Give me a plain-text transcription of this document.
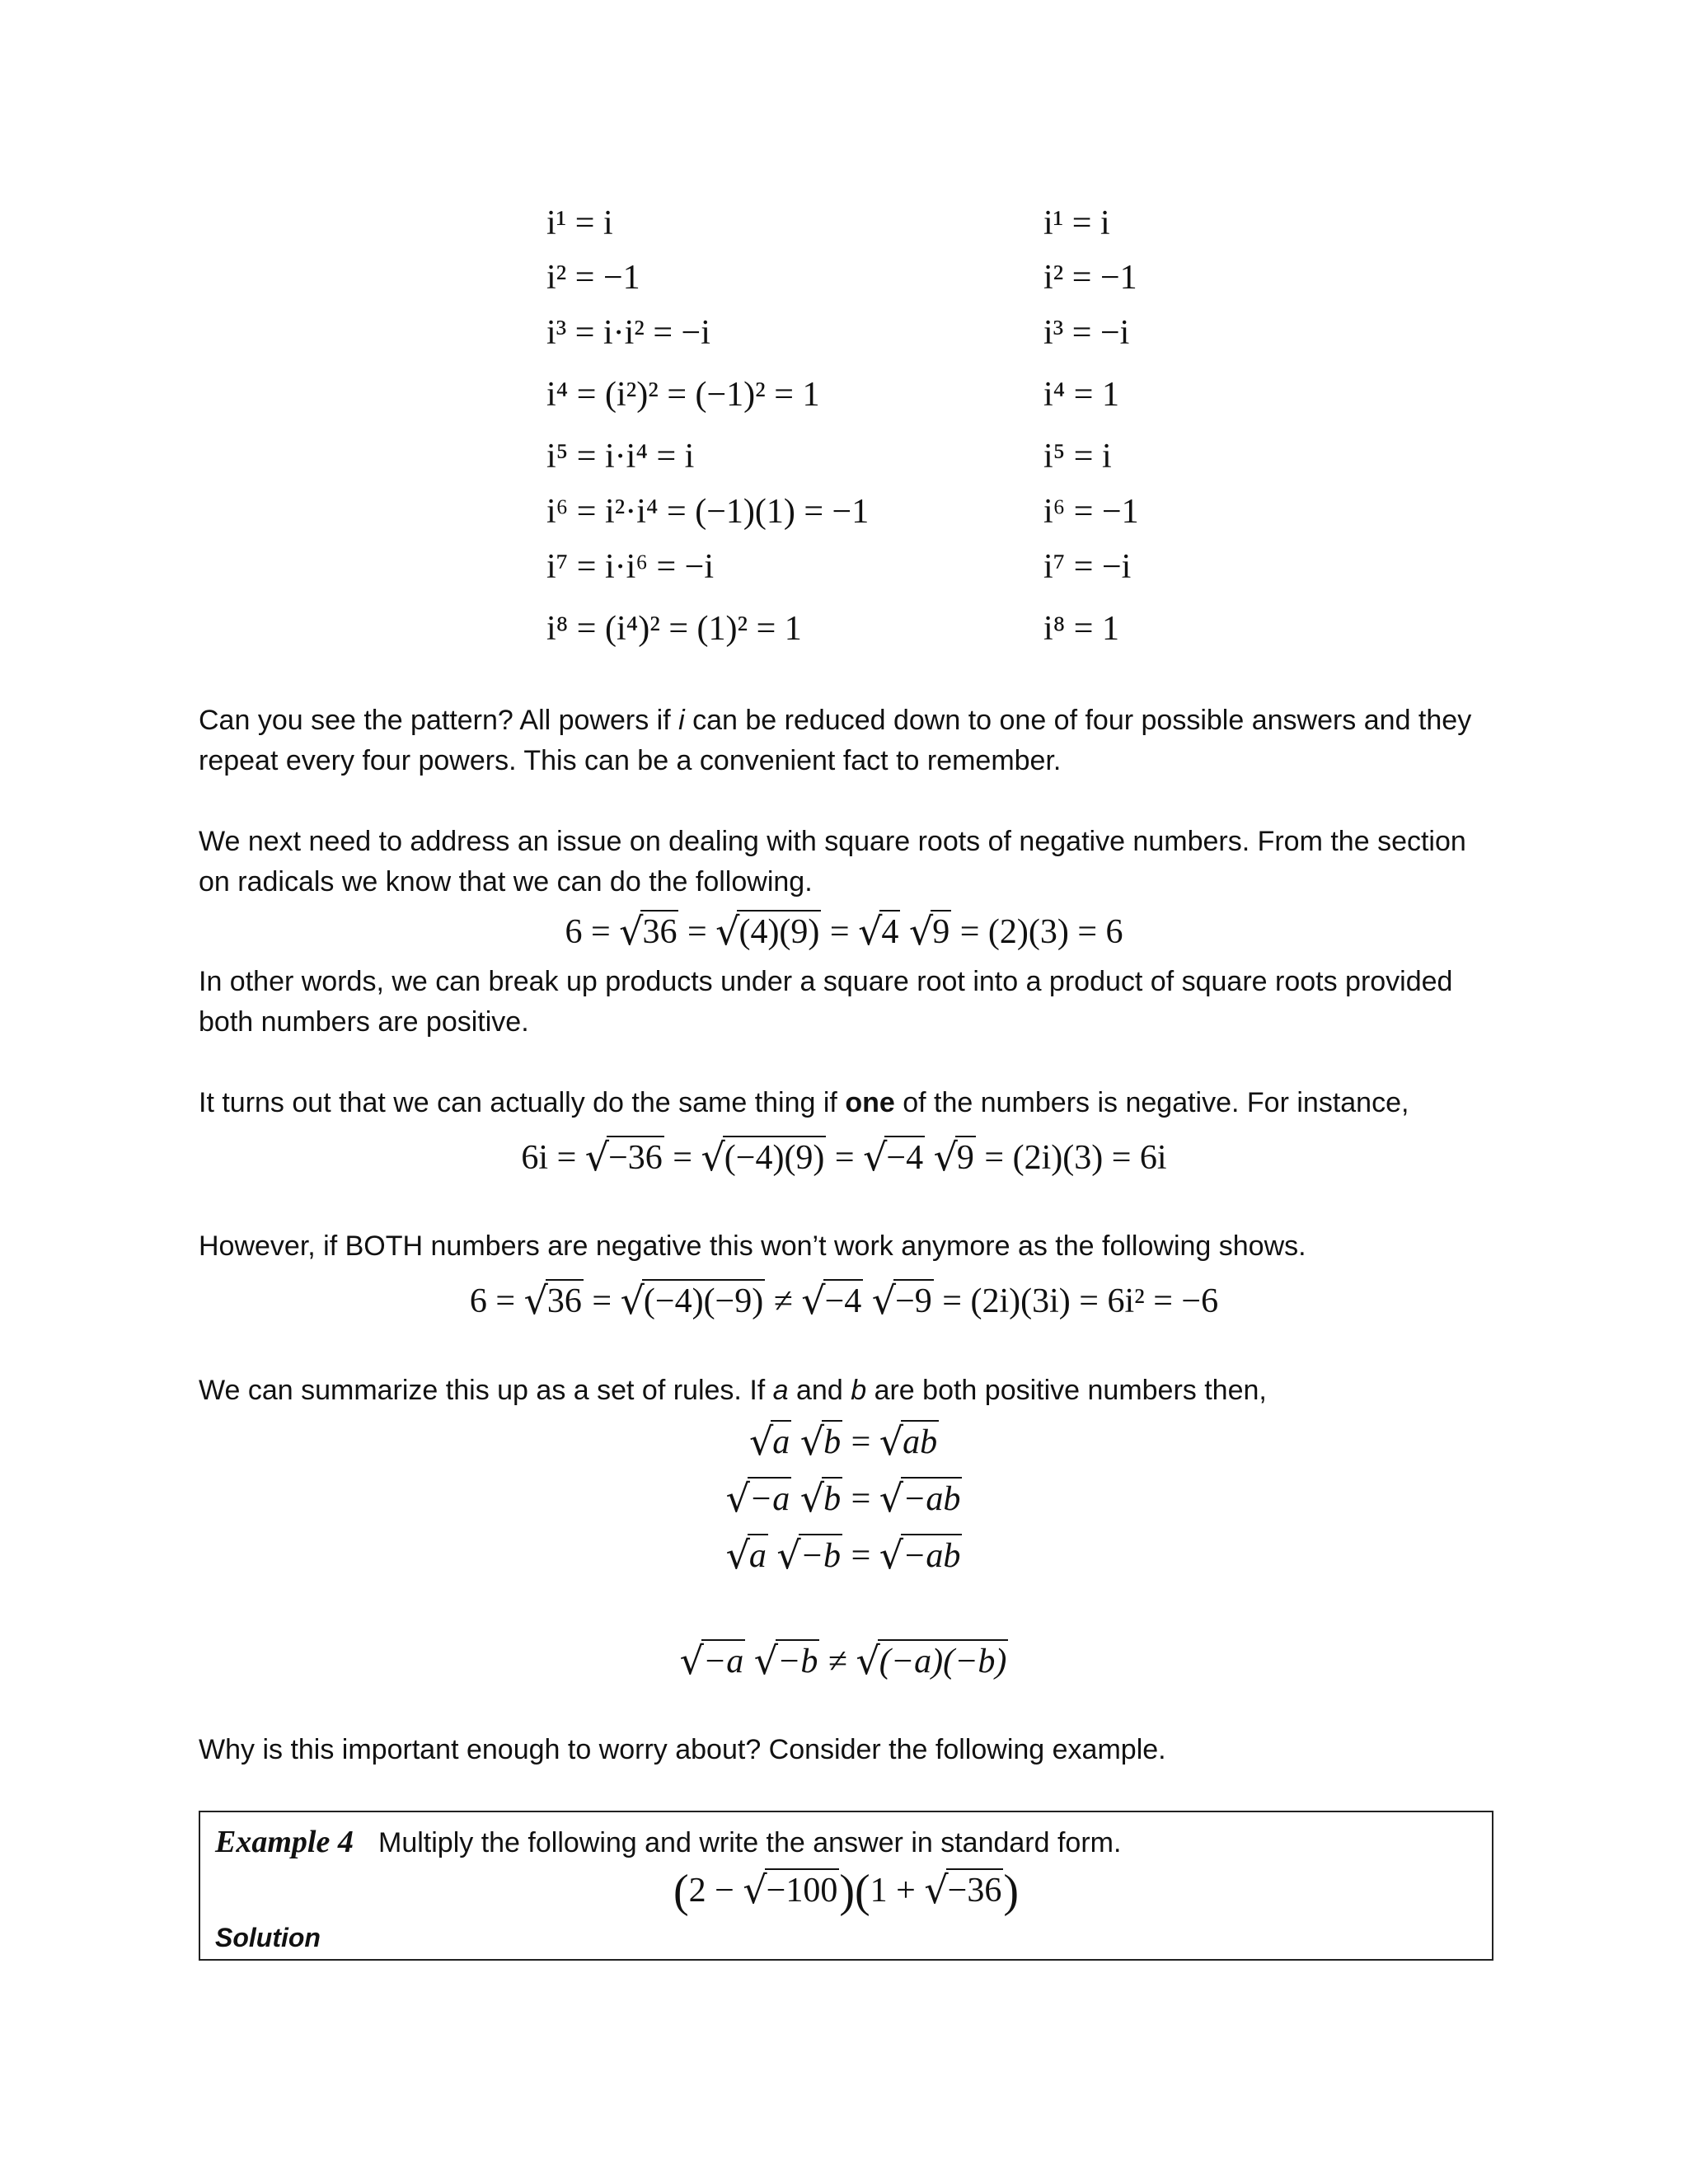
i¹ = i
i² = −1
i³ = i·i² = −i
i⁴ = (i²)² = (−1)² = 1
i⁵ = i·i⁴ = i
i⁶ = i²·i⁴ = (−1)(1) = −1
i⁷ = i·i⁶ = −i
i⁸ = (i⁴)² = (1)² = 1
i¹ = i
i² = −1
i³ = −i
i⁴ = 1
i⁵ = i
i⁶ = −1
i⁷ = −i
i⁸ = 1
Can you see the pattern? All powers if i can be reduced down to one of four possible answers and they repeat every four powers. This can be a convenient fact to remember.
We next need to address an issue on dealing with square roots of negative numbers. From the section on radicals we know that we can do the following.
6 = √36 = √(4)(9) = √4 √9 = (2)(3) = 6
In other words, we can break up products under a square root into a product of square roots provided both numbers are positive.
It turns out that we can actually do the same thing if one of the numbers is negative. For instance,
6i = √−36 = √(−4)(9) = √−4 √9 = (2i)(3) = 6i
However, if BOTH numbers are negative this won’t work anymore as the following shows.
6 = √36 = √(−4)(−9) ≠ √−4 √−9 = (2i)(3i) = 6i² = −6
We can summarize this up as a set of rules. If a and b are both positive numbers then,
√a √b = √ab
√−a √b = √−ab
√a √−b = √−ab
√−a √−b ≠ √(−a)(−b)
Why is this important enough to worry about? Consider the following example.
Example 4 Multiply the following and write the answer in standard form.
(2 − √−100)(1 + √−36)
Solution
